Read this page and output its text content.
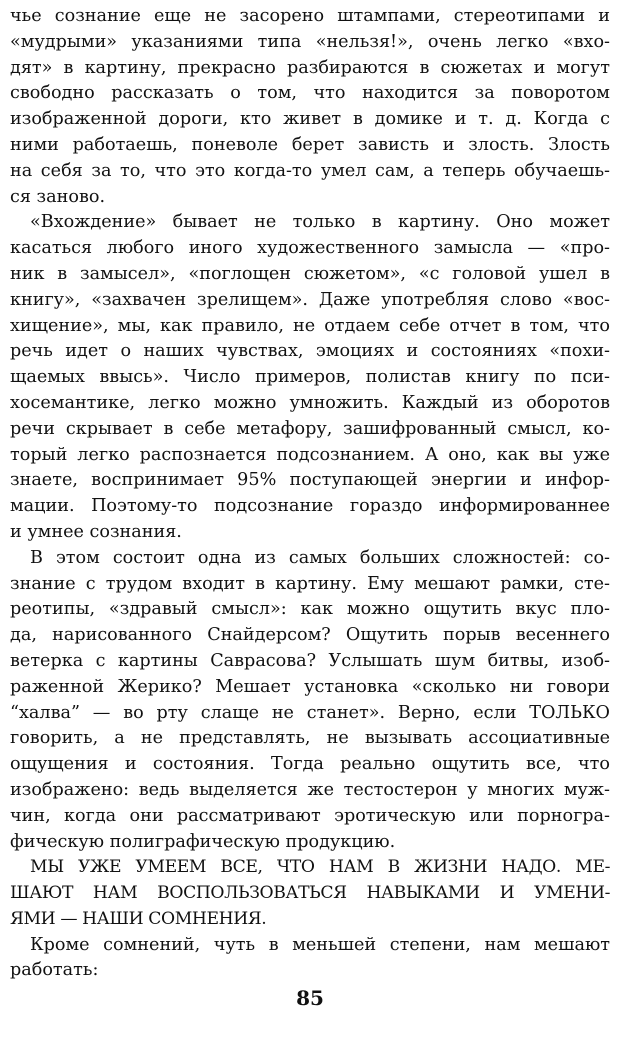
чье сознание еще не засорено штампами, стереотипами и
«мудрыми» указаниями типа «нельзя!», очень легко «вхо-
дят» в картину, прекрасно разбираются в сюжетах и могут
свободно рассказать о том, что находится за поворотом
изображенной дороги, кто живет в домике и т. д. Когда с
ними работаешь, поневоле берет зависть и злость. Злость
на себя за то, что это когда-то умел сам, а теперь обучаешь-
ся заново.
«Вхождение» бывает не только в картину. Оно может
касаться любого иного художественного замысла — «про-
ник в замысел», «поглощен сюжетом», «с головой ушел в
книгу», «захвачен зрелищем». Даже употребляя слово «вос-
хищение», мы, как правило, не отдаем себе отчет в том, что
речь идет о наших чувствах, эмоциях и состояниях «похи-
щаемых ввысь». Число примеров, полистав книгу по пси-
хосемантике, легко можно умножить. Каждый из оборотов
речи скрывает в себе метафору, зашифрованный смысл, ко-
торый легко распознается подсознанием. А оно, как вы уже
знаете, воспринимает 95% поступающей энергии и инфор-
мации. Поэтому-то подсознание гораздо информированнее
и умнее сознания.
В этом состоит одна из самых больших сложностей: со-
знание с трудом входит в картину. Ему мешают рамки, сте-
реотипы, «здравый смысл»: как можно ощутить вкус пло-
да, нарисованного Снайдерсом? Ощутить порыв весеннего
ветерка с картины Саврасова? Услышать шум битвы, изоб-
раженной Жерико? Мешает установка «сколько ни говори
“халва” — во рту слаще не станет». Верно, если ТОЛЬКО
говорить, а не представлять, не вызывать ассоциативные
ощущения и состояния. Тогда реально ощутить все, что
изображено: ведь выделяется же тестостерон у многих муж-
чин, когда они рассматривают эротическую или порногра-
фическую полиграфическую продукцию.
МЫ УЖЕ УМЕЕМ ВСЕ, ЧТО НАМ В ЖИЗНИ НАДО. МЕ-
ШАЮТ НАМ ВОСПОЛЬЗОВАТЬСЯ НАВЫКАМИ И УМЕНИ-
ЯМИ — НАШИ СОМНЕНИЯ.
Кроме сомнений, чуть в меньшей степени, нам мешают
работать:
85
